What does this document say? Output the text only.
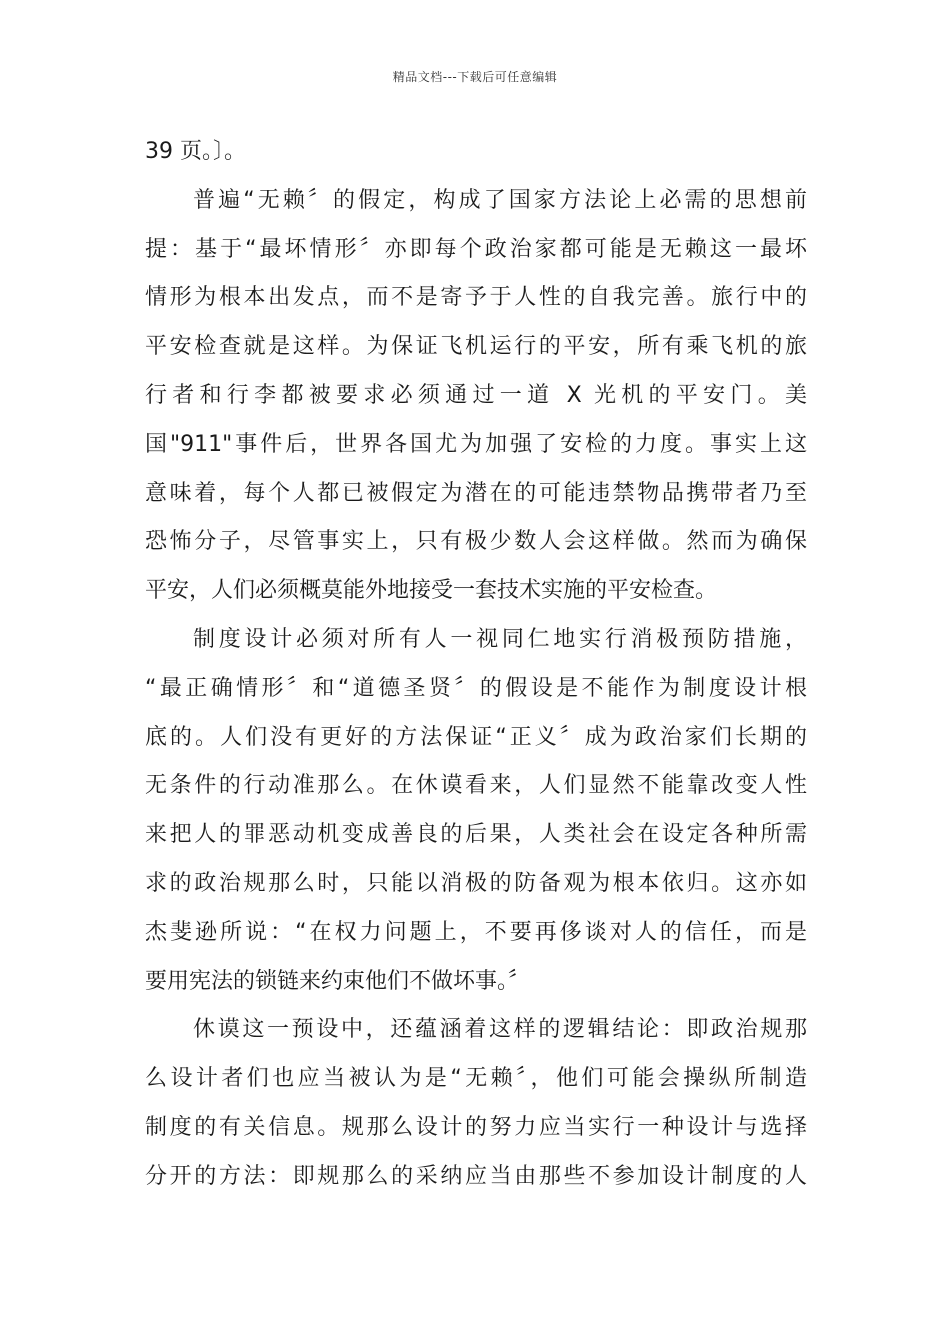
精品文档---下载后可任意编辑
39 页。〕。
普遍“无赖〞的假定，构成了国家方法论上必需的思想前
提：基于“最坏情形〞亦即每个政治家都可能是无赖这一最坏
情形为根本出发点，而不是寄予于人性的自我完善。旅行中的
平安检查就是这样。为保证飞机运行的平安，所有乘飞机的旅
行者和行李都被要求必须通过一道 X 光机的平安门。美
国"911"事件后，世界各国尤为加强了安检的力度。事实上这
意味着，每个人都已被假定为潜在的可能违禁物品携带者乃至
恐怖分子，尽管事实上，只有极少数人会这样做。然而为确保
平安，人们必须概莫能外地接受一套技术实施的平安检查。
制度设计必须对所有人一视同仁地实行消极预防措施，
“最正确情形〞和“道德圣贤〞的假设是不能作为制度设计根
底的。人们没有更好的方法保证“正义〞成为政治家们长期的
无条件的行动准那么。在休谟看来，人们显然不能靠改变人性
来把人的罪恶动机变成善良的后果，人类社会在设定各种所需
求的政治规那么时，只能以消极的防备观为根本依归。这亦如
杰斐逊所说：“在权力问题上，不要再侈谈对人的信任，而是
要用宪法的锁链来约束他们不做坏事。〞
休谟这一预设中，还蕴涵着这样的逻辑结论：即政治规那
么设计者们也应当被认为是“无赖〞，他们可能会操纵所制造
制度的有关信息。规那么设计的努力应当实行一种设计与选择
分开的方法：即规那么的采纳应当由那些不参加设计制度的人
